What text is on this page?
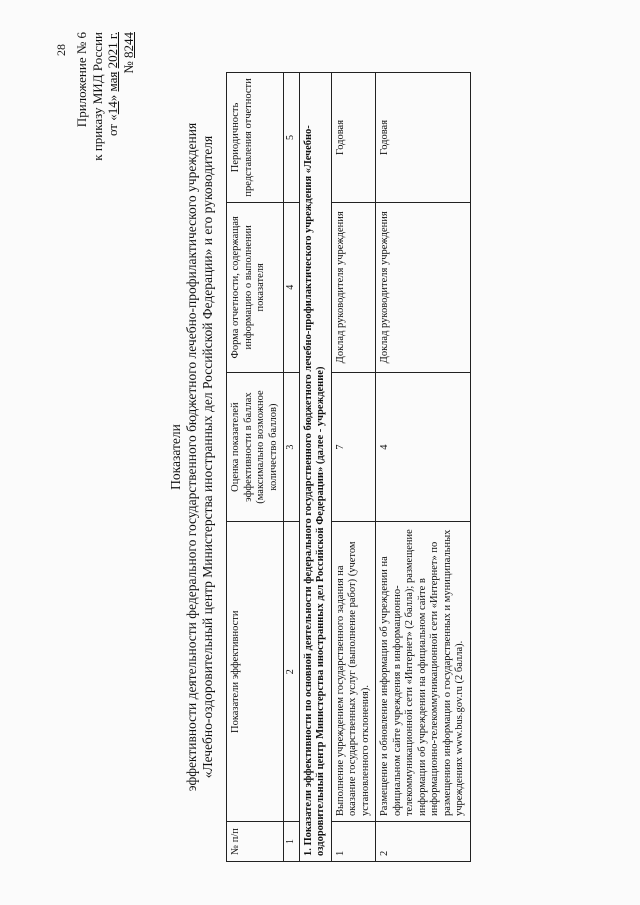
28 Приложение № 6 к приказу МИД России от «14» мая 2021 г. № 8244
Показатели эффективности деятельности федерального государственного бюджетного лечебно-профилактического учреждения «Лечебно-оздоровительный центр Министерства иностранных дел Российской Федерации» и его руководителя
№ п/п	Показатели эффективности	Оценка показателей эффективности в баллах (максимально возможное количество баллов)	Форма отчетности, содержащая информацию о выполнении показателя	Периодичность представления отчетности
1	2	3	4	5
1. Показатели эффективности по основной деятельности федерального государственного бюджетного лечебно-профилактического учреждения «Лечебно-оздоровительный центр Министерства иностранных дел Российской Федерации» (далее - учреждение)				
1	Выполнение учреждением государственного задания на оказание государственных услуг (выполнение работ) (учетом установленного отклонения).	7	Доклад руководителя учреждения	Годовая
2	Размещение и обновление информации об учреждении на официальном сайте учреждения в информационно-телекоммуникационной сети «Интернет» (2 балла); размещение информации об учреждении на официальном сайте в информационно-телекоммуникационной сети «Интернет» по размещению информации о государственных и муниципальных учреждениях www.bus.gov.ru (2 балла).	4	Доклад руководителя учреждения	Годовая
